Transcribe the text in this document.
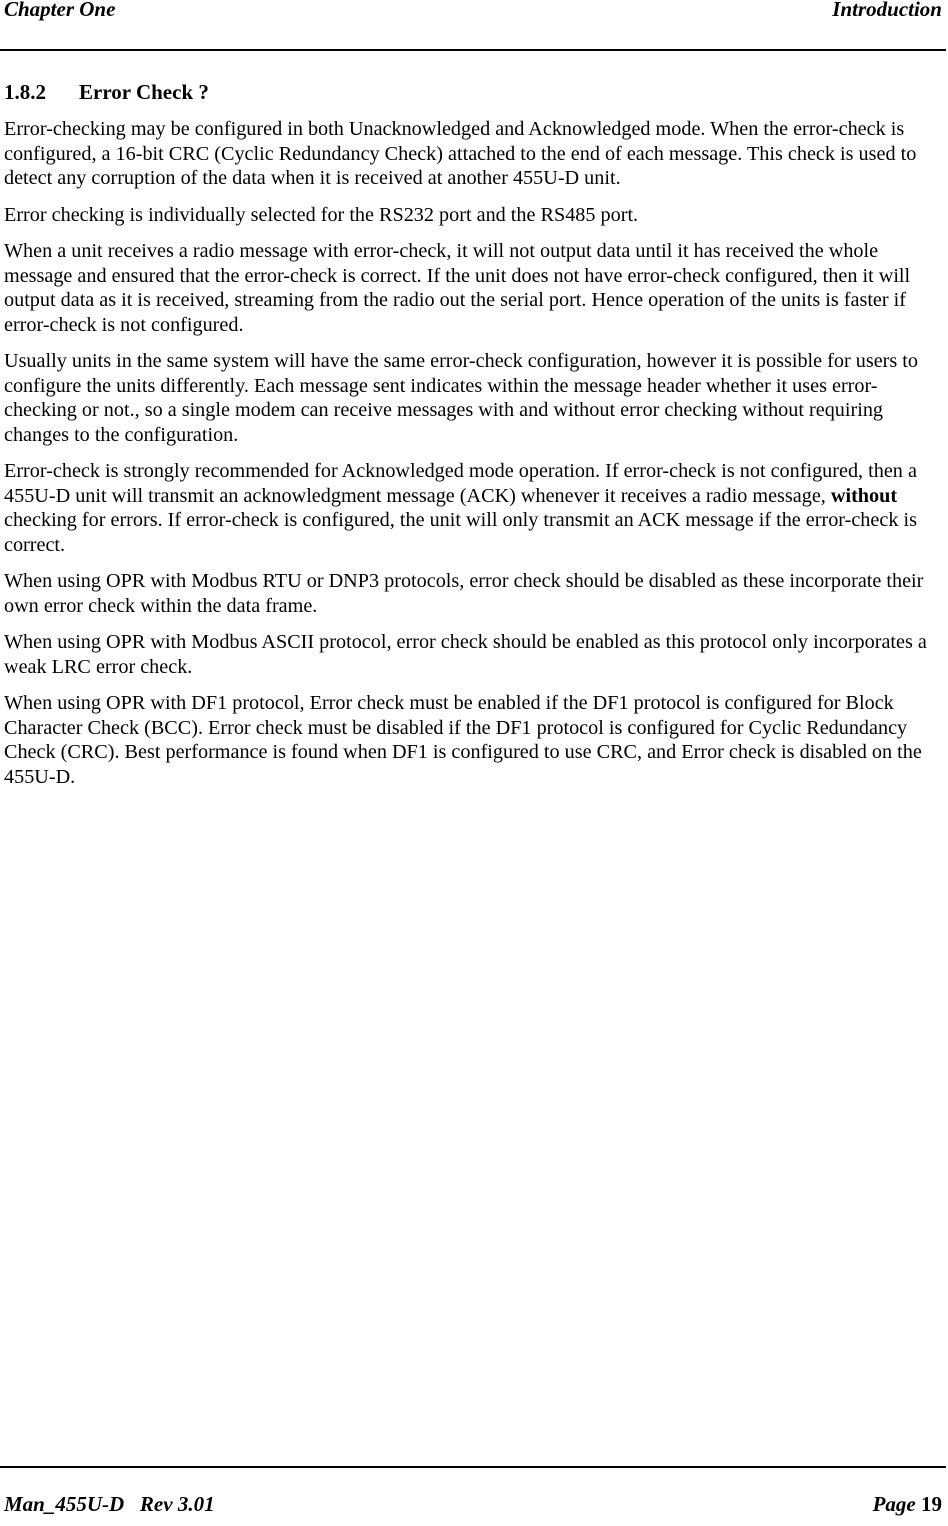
Chapter One	Introduction
1.8.2 Error Check ?

Error-checking may be configured in both Unacknowledged and Acknowledged mode. When the error-check is configured, a 16-bit CRC (Cyclic Redundancy Check) attached to the end of each message. This check is used to detect any corruption of the data when it is received at another 455U-D unit.

Error checking is individually selected for the RS232 port and the RS485 port.

When a unit receives a radio message with error-check, it will not output data until it has received the whole message and ensured that the error-check is correct. If the unit does not have error-check configured, then it will output data as it is received, streaming from the radio out the serial port. Hence operation of the units is faster if error-check is not configured.

Usually units in the same system will have the same error-check configuration, however it is possible for users to configure the units differently. Each message sent indicates within the message header whether it uses error-checking or not., so a single modem can receive messages with and without error checking without requiring changes to the configuration.

Error-check is strongly recommended for Acknowledged mode operation. If error-check is not configured, then a 455U-D unit will transmit an acknowledgment message (ACK) whenever it receives a radio message, without checking for errors. If error-check is configured, the unit will only transmit an ACK message if the error-check is correct.

When using OPR with Modbus RTU or DNP3 protocols, error check should be disabled as these incorporate their own error check within the data frame.

When using OPR with Modbus ASCII protocol, error check should be enabled as this protocol only incorporates a weak LRC error check.

When using OPR with DF1 protocol, Error check must be enabled if the DF1 protocol is configured for Block Character Check (BCC). Error check must be disabled if the DF1 protocol is configured for Cyclic Redundancy Check (CRC). Best performance is found when DF1 is configured to use CRC, and Error check is disabled on the 455U-D.

Man_455U-D   Rev 3.01	Page 19
